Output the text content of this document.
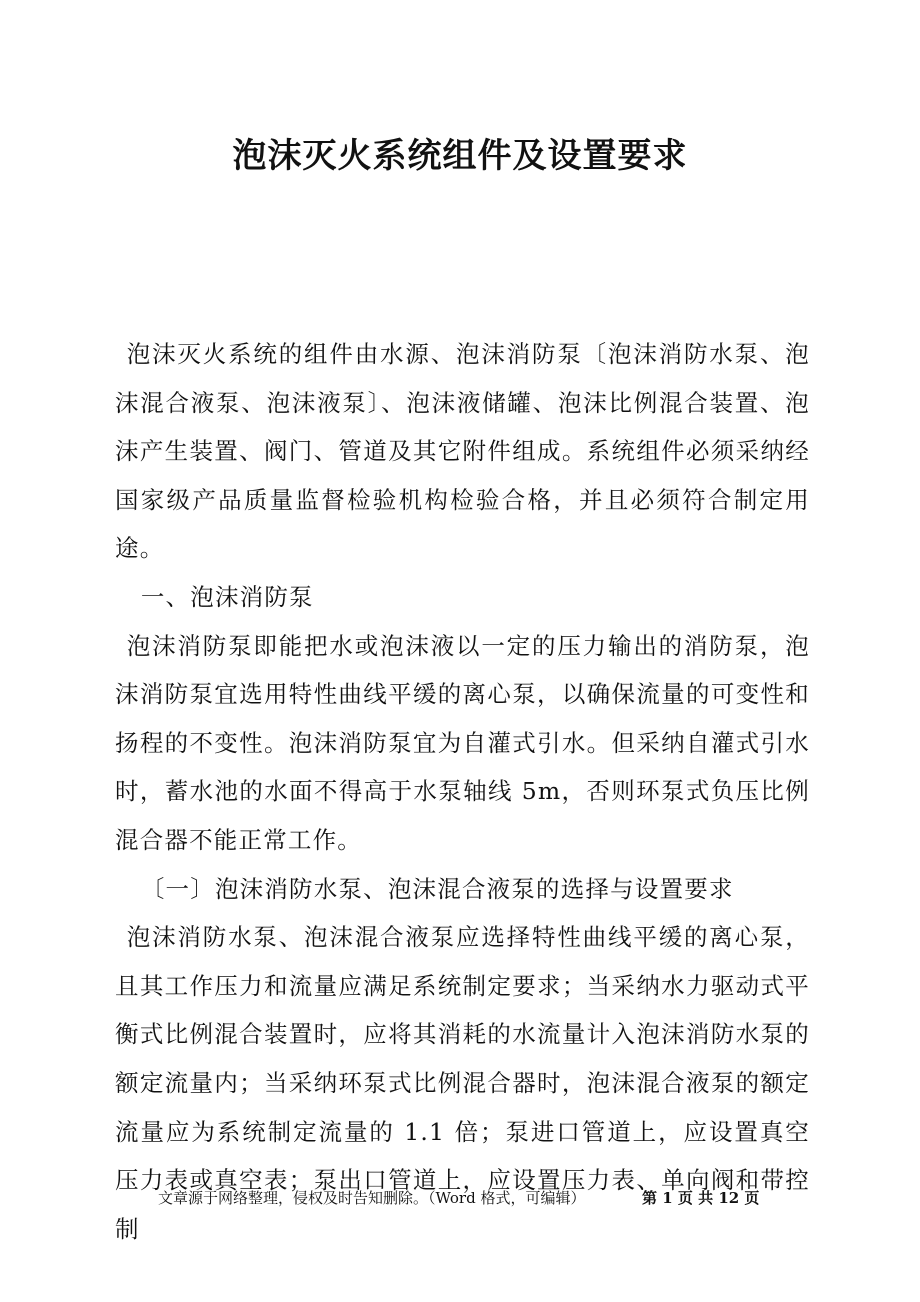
泡沫灭火系统组件及设置要求

泡沫灭火系统的组件由水源、泡沫消防泵〔泡沫消防水泵、泡沫混合液泵、泡沫液泵〕、泡沫液储罐、泡沫比例混合装置、泡沫产生装置、阀门、管道及其它附件组成。系统组件必须采纳经国家级产品质量监督检验机构检验合格，并且必须符合制定用途。

一、泡沫消防泵

泡沫消防泵即能把水或泡沫液以一定的压力输出的消防泵，泡沫消防泵宜选用特性曲线平缓的离心泵，以确保流量的可变性和扬程的不变性。泡沫消防泵宜为自灌式引水。但采纳自灌式引水时，蓄水池的水面不得高于水泵轴线 5m，否则环泵式负压比例混合器不能正常工作。

〔一〕泡沫消防水泵、泡沫混合液泵的选择与设置要求

泡沫消防水泵、泡沫混合液泵应选择特性曲线平缓的离心泵，且其工作压力和流量应满足系统制定要求；当采纳水力驱动式平衡式比例混合装置时，应将其消耗的水流量计入泡沫消防水泵的额定流量内；当采纳环泵式比例混合器时，泡沫混合液泵的额定流量应为系统制定流量的 1.1 倍；泵进口管道上，应设置真空压力表或真空表；泵出口管道上，应设置压力表、单向阀和带控制

文章源于网络整理，侵权及时告知删除。（Word 格式，可编辑）	第 1 页 共 12 页
